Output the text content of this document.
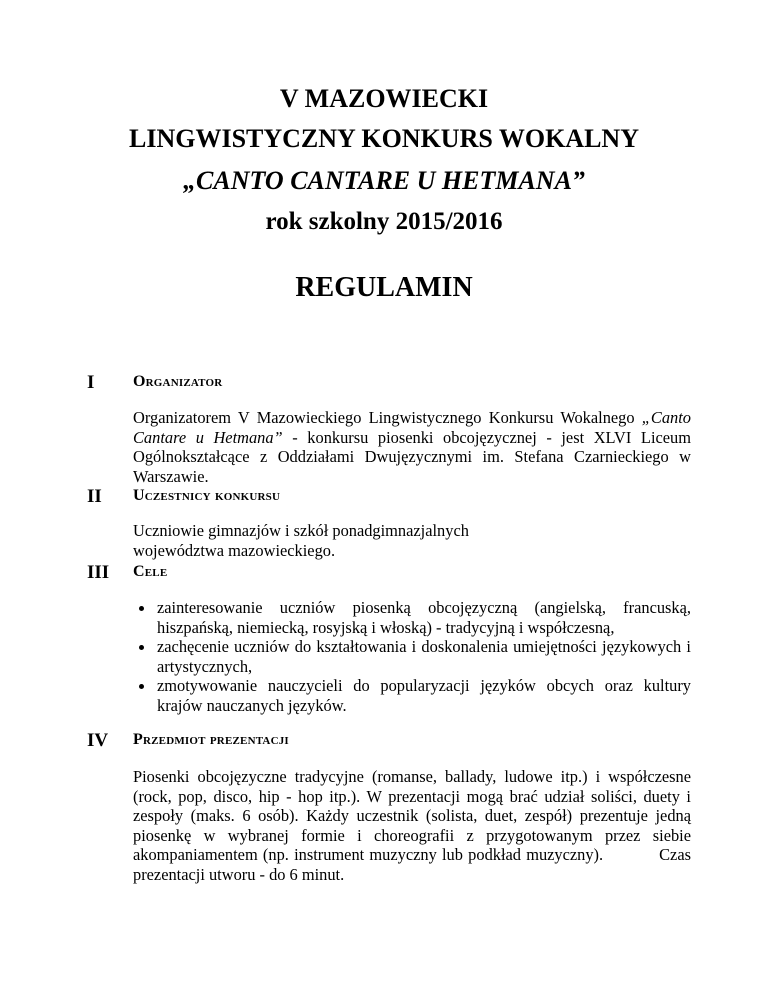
V MAZOWIECKI
LINGWISTYCZNY KONKURS WOKALNY
„CANTO CANTARE U HETMANA”
rok szkolny 2015/2016
REGULAMIN
I Organizator

Organizatorem V Mazowieckiego Lingwistycznego Konkursu Wokalnego „Canto Cantare u Hetmana” - konkursu piosenki obcojęzycznej - jest XLVI Liceum Ogólnokształcące z Oddziałami Dwujęzycznymi im. Stefana Czarnieckiego w Warszawie.

II Uczestnicy konkursu

Uczniowie gimnazjów i szkół ponadgimnazjalnych województwa mazowieckiego.

III Cele
zainteresowanie uczniów piosenką obcojęzyczną (angielską, francuską, hiszpańską, niemiecką, rosyjską i włoską) - tradycyjną i współczesną,
zachęcenie uczniów do kształtowania i doskonalenia umiejętności językowych i artystycznych,
zmotywowanie nauczycieli do popularyzacji języków obcych oraz kultury krajów nauczanych języków.
IV Przedmiot prezentacji

Piosenki obcojęzyczne tradycyjne (romanse, ballady, ludowe itp.) i współczesne (rock, pop, disco, hip - hop itp.). W prezentacji mogą brać udział soliści, duety i zespoły (maks. 6 osób). Każdy uczestnik (solista, duet, zespół) prezentuje jedną piosenkę w wybranej formie i choreografii z przygotowanym przez siebie akompaniamentem (np. instrument muzyczny lub podkład muzyczny).	Czas prezentacji utworu - do 6 minut.
